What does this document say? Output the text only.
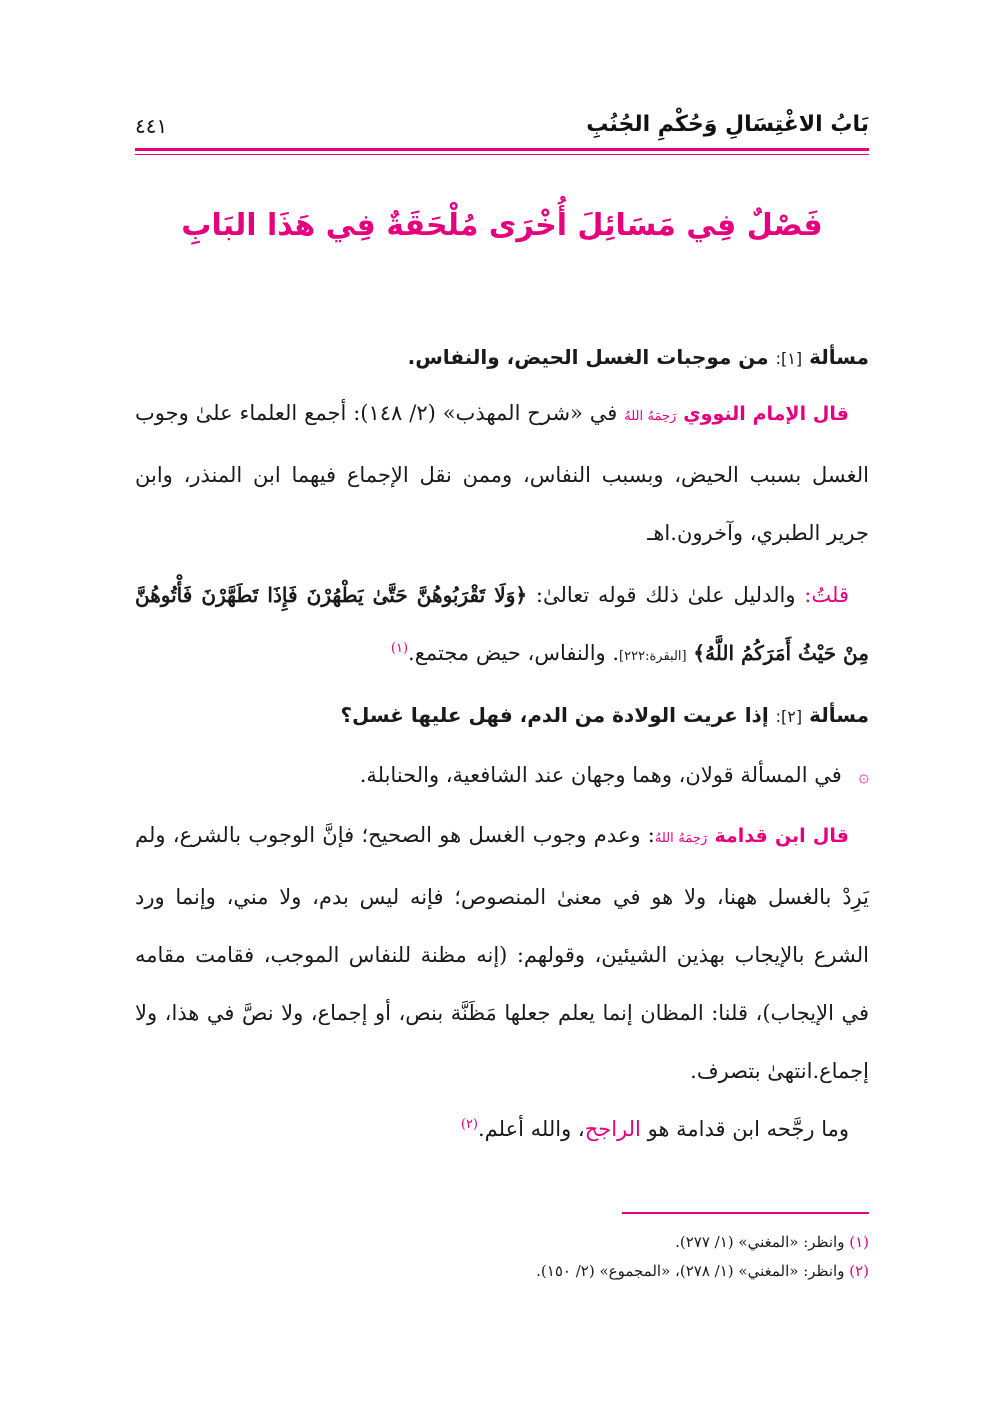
بَابُ الاغْتِسَالِ وَحُكْمِ الجُنُبِ
٤٤١
فَصْلٌ فِي مَسَائِلَ أُخْرَى مُلْحَقَةٌ فِي هَذَا البَابِ

مسألة [١]: من موجبات الغسل الحيض، والنفاس.

قال الإمام النووي رَحِمَهُ اللهُ في «شرح المهذب» (٢/ ١٤٨): أجمع العلماء علىٰ وجوب الغسل بسبب الحيض، وبسبب النفاس، وممن نقل الإجماع فيهما ابن المنذر، وابن جرير الطبري، وآخرون.اهـ

قلتُ: والدليل علىٰ ذلك قوله تعالىٰ: ﴿وَلَا تَقْرَبُوهُنَّ حَتَّىٰ يَطْهُرْنَ فَإِذَا تَطَهَّرْنَ فَأْتُوهُنَّ مِنْ حَيْثُ أَمَرَكُمُ اللَّهُ﴾ [البقرة:٢٢٢]. والنفاس، حيض مجتمع.$^{(١)}$

مسألة [٢]: إذا عريت الولادة من الدم، فهل عليها غسل؟

۞ في المسألة قولان، وهما وجهان عند الشافعية، والحنابلة.

قال ابن قدامة رَحِمَهُ اللهُ: وعدم وجوب الغسل هو الصحيح؛ فإنَّ الوجوب بالشرع، ولم يَرِدْ بالغسل ههنا، ولا هو في معنىٰ المنصوص؛ فإنه ليس بدم، ولا مني، وإنما ورد الشرع بالإيجاب بهذين الشيئين، وقولهم: (إنه مظنة للنفاس الموجب، فقامت مقامه في الإيجاب)، قلنا: المظان إنما يعلم جعلها مَظَنَّة بنص، أو إجماع، ولا نصَّ في هذا، ولا إجماع.انتهىٰ بتصرف.

وما رجَّحه ابن قدامة هو الراجح، والله أعلم.$^{(٢)}$

(١) وانظر: «المغني» (١/ ٢٧٧).
(٢) وانظر: «المغني» (١/ ٢٧٨)، «المجموع» (٢/ ١٥٠).
